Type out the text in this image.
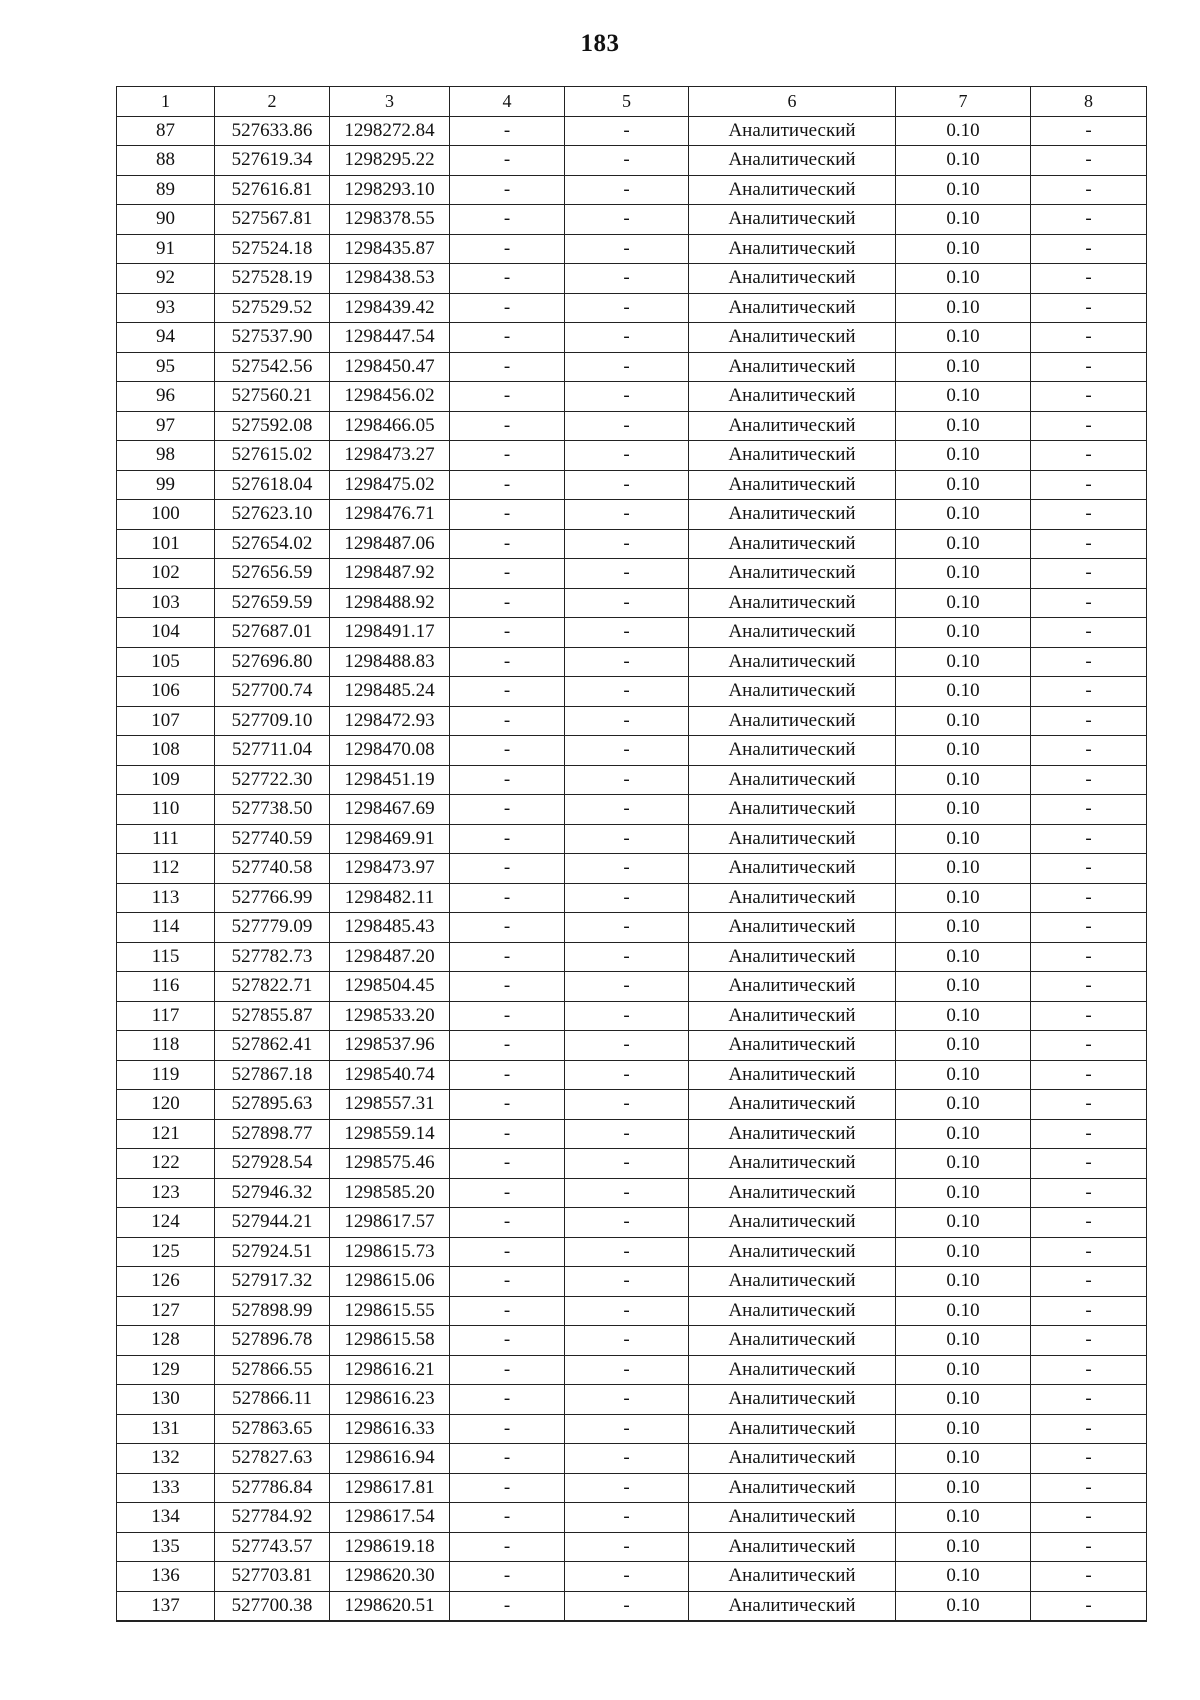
183
1	2	3	4	5	6	7	8
87	527633.86	1298272.84	-	-	Аналитический	0.10	-
88	527619.34	1298295.22	-	-	Аналитический	0.10	-
89	527616.81	1298293.10	-	-	Аналитический	0.10	-
90	527567.81	1298378.55	-	-	Аналитический	0.10	-
91	527524.18	1298435.87	-	-	Аналитический	0.10	-
92	527528.19	1298438.53	-	-	Аналитический	0.10	-
93	527529.52	1298439.42	-	-	Аналитический	0.10	-
94	527537.90	1298447.54	-	-	Аналитический	0.10	-
95	527542.56	1298450.47	-	-	Аналитический	0.10	-
96	527560.21	1298456.02	-	-	Аналитический	0.10	-
97	527592.08	1298466.05	-	-	Аналитический	0.10	-
98	527615.02	1298473.27	-	-	Аналитический	0.10	-
99	527618.04	1298475.02	-	-	Аналитический	0.10	-
100	527623.10	1298476.71	-	-	Аналитический	0.10	-
101	527654.02	1298487.06	-	-	Аналитический	0.10	-
102	527656.59	1298487.92	-	-	Аналитический	0.10	-
103	527659.59	1298488.92	-	-	Аналитический	0.10	-
104	527687.01	1298491.17	-	-	Аналитический	0.10	-
105	527696.80	1298488.83	-	-	Аналитический	0.10	-
106	527700.74	1298485.24	-	-	Аналитический	0.10	-
107	527709.10	1298472.93	-	-	Аналитический	0.10	-
108	527711.04	1298470.08	-	-	Аналитический	0.10	-
109	527722.30	1298451.19	-	-	Аналитический	0.10	-
110	527738.50	1298467.69	-	-	Аналитический	0.10	-
111	527740.59	1298469.91	-	-	Аналитический	0.10	-
112	527740.58	1298473.97	-	-	Аналитический	0.10	-
113	527766.99	1298482.11	-	-	Аналитический	0.10	-
114	527779.09	1298485.43	-	-	Аналитический	0.10	-
115	527782.73	1298487.20	-	-	Аналитический	0.10	-
116	527822.71	1298504.45	-	-	Аналитический	0.10	-
117	527855.87	1298533.20	-	-	Аналитический	0.10	-
118	527862.41	1298537.96	-	-	Аналитический	0.10	-
119	527867.18	1298540.74	-	-	Аналитический	0.10	-
120	527895.63	1298557.31	-	-	Аналитический	0.10	-
121	527898.77	1298559.14	-	-	Аналитический	0.10	-
122	527928.54	1298575.46	-	-	Аналитический	0.10	-
123	527946.32	1298585.20	-	-	Аналитический	0.10	-
124	527944.21	1298617.57	-	-	Аналитический	0.10	-
125	527924.51	1298615.73	-	-	Аналитический	0.10	-
126	527917.32	1298615.06	-	-	Аналитический	0.10	-
127	527898.99	1298615.55	-	-	Аналитический	0.10	-
128	527896.78	1298615.58	-	-	Аналитический	0.10	-
129	527866.55	1298616.21	-	-	Аналитический	0.10	-
130	527866.11	1298616.23	-	-	Аналитический	0.10	-
131	527863.65	1298616.33	-	-	Аналитический	0.10	-
132	527827.63	1298616.94	-	-	Аналитический	0.10	-
133	527786.84	1298617.81	-	-	Аналитический	0.10	-
134	527784.92	1298617.54	-	-	Аналитический	0.10	-
135	527743.57	1298619.18	-	-	Аналитический	0.10	-
136	527703.81	1298620.30	-	-	Аналитический	0.10	-
137	527700.38	1298620.51	-	-	Аналитический	0.10	-
